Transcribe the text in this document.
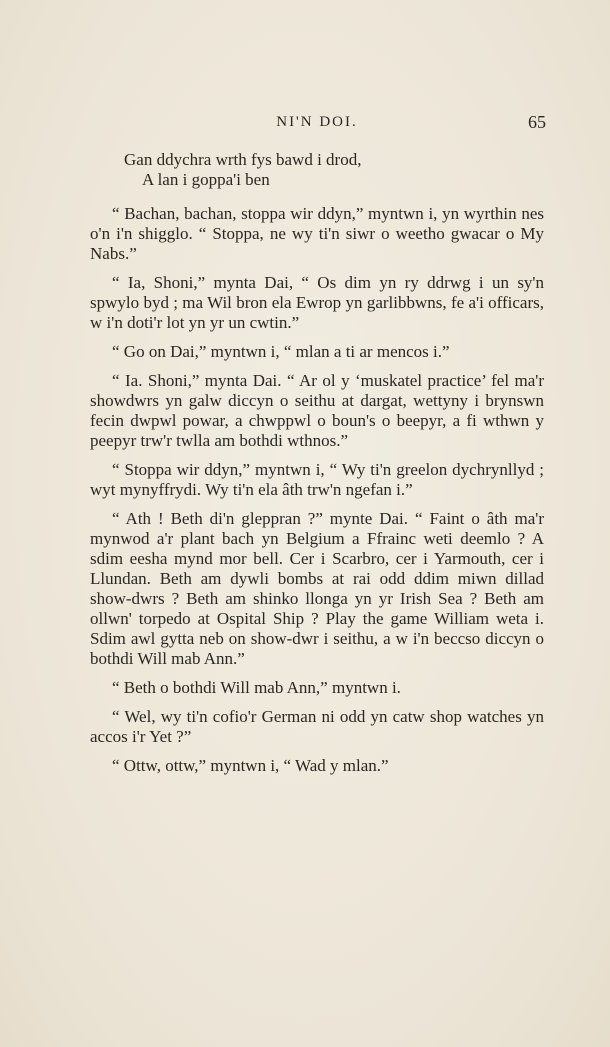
NI'N DOI.	65
Gan ddychra wrth fys bawd i drod,
A lan i goppa'i ben

“ Bachan, bachan, stoppa wir ddyn,” myntwn i, yn wyrthin nes o'n i'n shigglo. “ Stoppa, ne wy ti'n siwr o weetho gwacar o My Nabs.”

“ Ia, Shoni,” mynta Dai, “ Os dim yn ry ddrwg i un sy'n spwylo byd ; ma Wil bron ela Ewrop yn garlibbwns, fe a'i officars, w i'n doti'r lot yn yr un cwtin.”

“ Go on Dai,” myntwn i, “ mlan a ti ar mencos i.”

“ Ia. Shoni,” mynta Dai. “ Ar ol y ‘muskatel practice’ fel ma'r showdwrs yn galw diccyn o seithu at dargat, wettyny i brynswn fecin dwpwl powar, a chwppwl o boun's o beepyr, a fi wthwn y peepyr trw'r twlla am bothdi wthnos.”

“ Stoppa wir ddyn,” myntwn i, “ Wy ti'n greelon dychrynllyd ; wyt mynyffrydi. Wy ti'n ela âth trw'n ngefan i.”

“ Ath ! Beth di'n gleppran ?” mynte Dai. “ Faint o âth ma'r mynwod a'r plant bach yn Belgium a Ffrainc weti deemlo ? A sdim eesha mynd mor bell. Cer i Scarbro, cer i Yarmouth, cer i Llundan. Beth am dywli bombs at rai odd ddim miwn dillad show-dwrs ? Beth am shinko llonga yn yr Irish Sea ? Beth am ollwn' torpedo at Ospital Ship ? Play the game William weta i. Sdim awl gytta neb on show-dwr i seithu, a w i'n beccso diccyn o bothdi Will mab Ann.”

“ Beth o bothdi Will mab Ann,” myntwn i.

“ Wel, wy ti'n cofio'r German ni odd yn catw shop watches yn accos i'r Yet ?”

“ Ottw, ottw,” myntwn i, “ Wad y mlan.”
